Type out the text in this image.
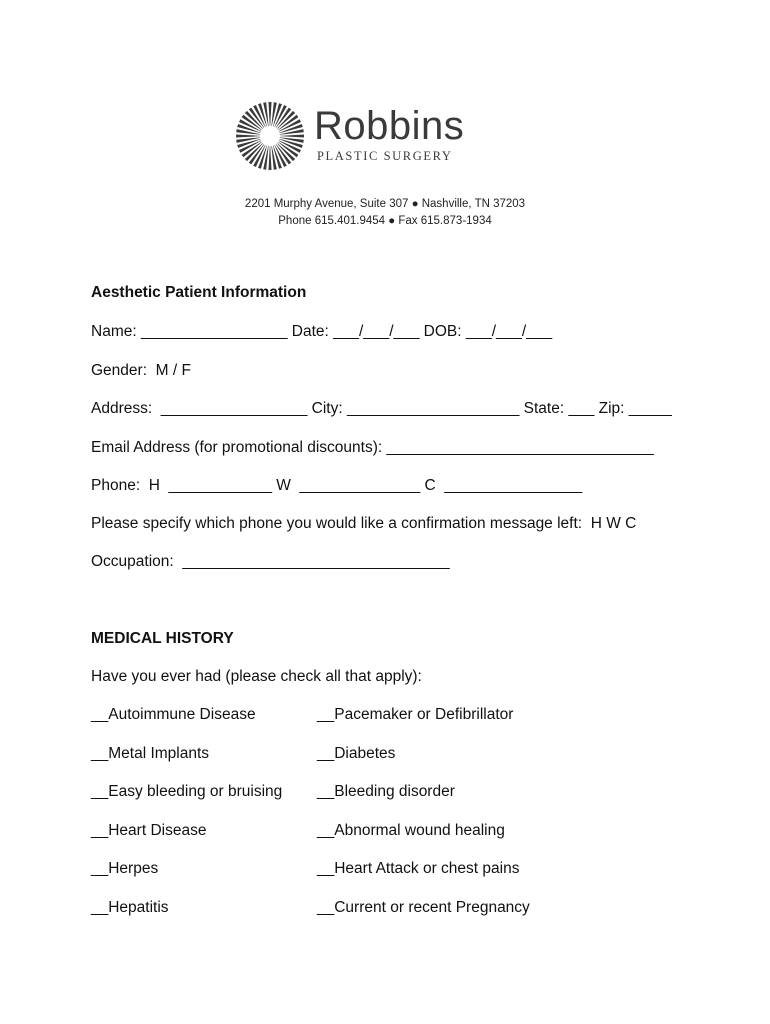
Robbins
PLASTIC SURGERY
2201 Murphy Avenue, Suite 307 ● Nashville, TN 37203
Phone 615.401.9454 ● Fax 615.873-1934
Aesthetic Patient Information
Name: _________________ Date: ___/___/___ DOB: ___/___/___
Gender:  M / F
Address:  _________________ City: ____________________ State: ___ Zip: _____
Email Address (for promotional discounts): _______________________________
Phone:  H  ____________ W  ______________ C  ________________
Please specify which phone you would like a confirmation message left:  H W C
Occupation:  _______________________________
MEDICAL HISTORY
Have you ever had (please check all that apply):
__Autoimmune Disease	__Pacemaker or Defibrillator
__Metal Implants	__Diabetes
__Easy bleeding or bruising __Bleeding disorder
__Heart Disease	__Abnormal wound healing
__Herpes	__Heart Attack or chest pains
__Hepatitis	__Current or recent Pregnancy
